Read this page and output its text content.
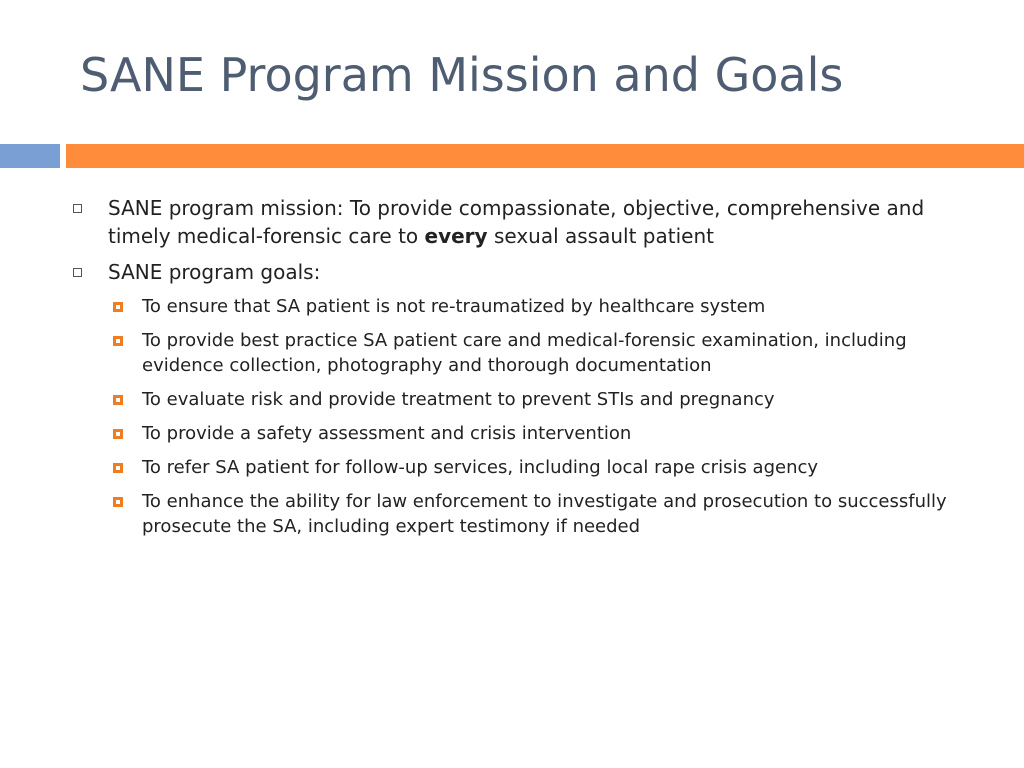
SANE Program Mission and Goals
SANE program mission: To provide compassionate, objective, comprehensive and timely medical-forensic care to every sexual assault patient
SANE program goals:
To ensure that SA patient is not re-traumatized by healthcare system
To provide best practice SA patient care and medical-forensic examination, including evidence collection, photography and thorough documentation
To evaluate risk and provide treatment to prevent STIs and pregnancy
To provide a safety assessment and crisis intervention
To refer SA patient for follow-up services, including local rape crisis agency
To enhance the ability for law enforcement to investigate and prosecution to successfully prosecute the SA, including expert testimony if needed
